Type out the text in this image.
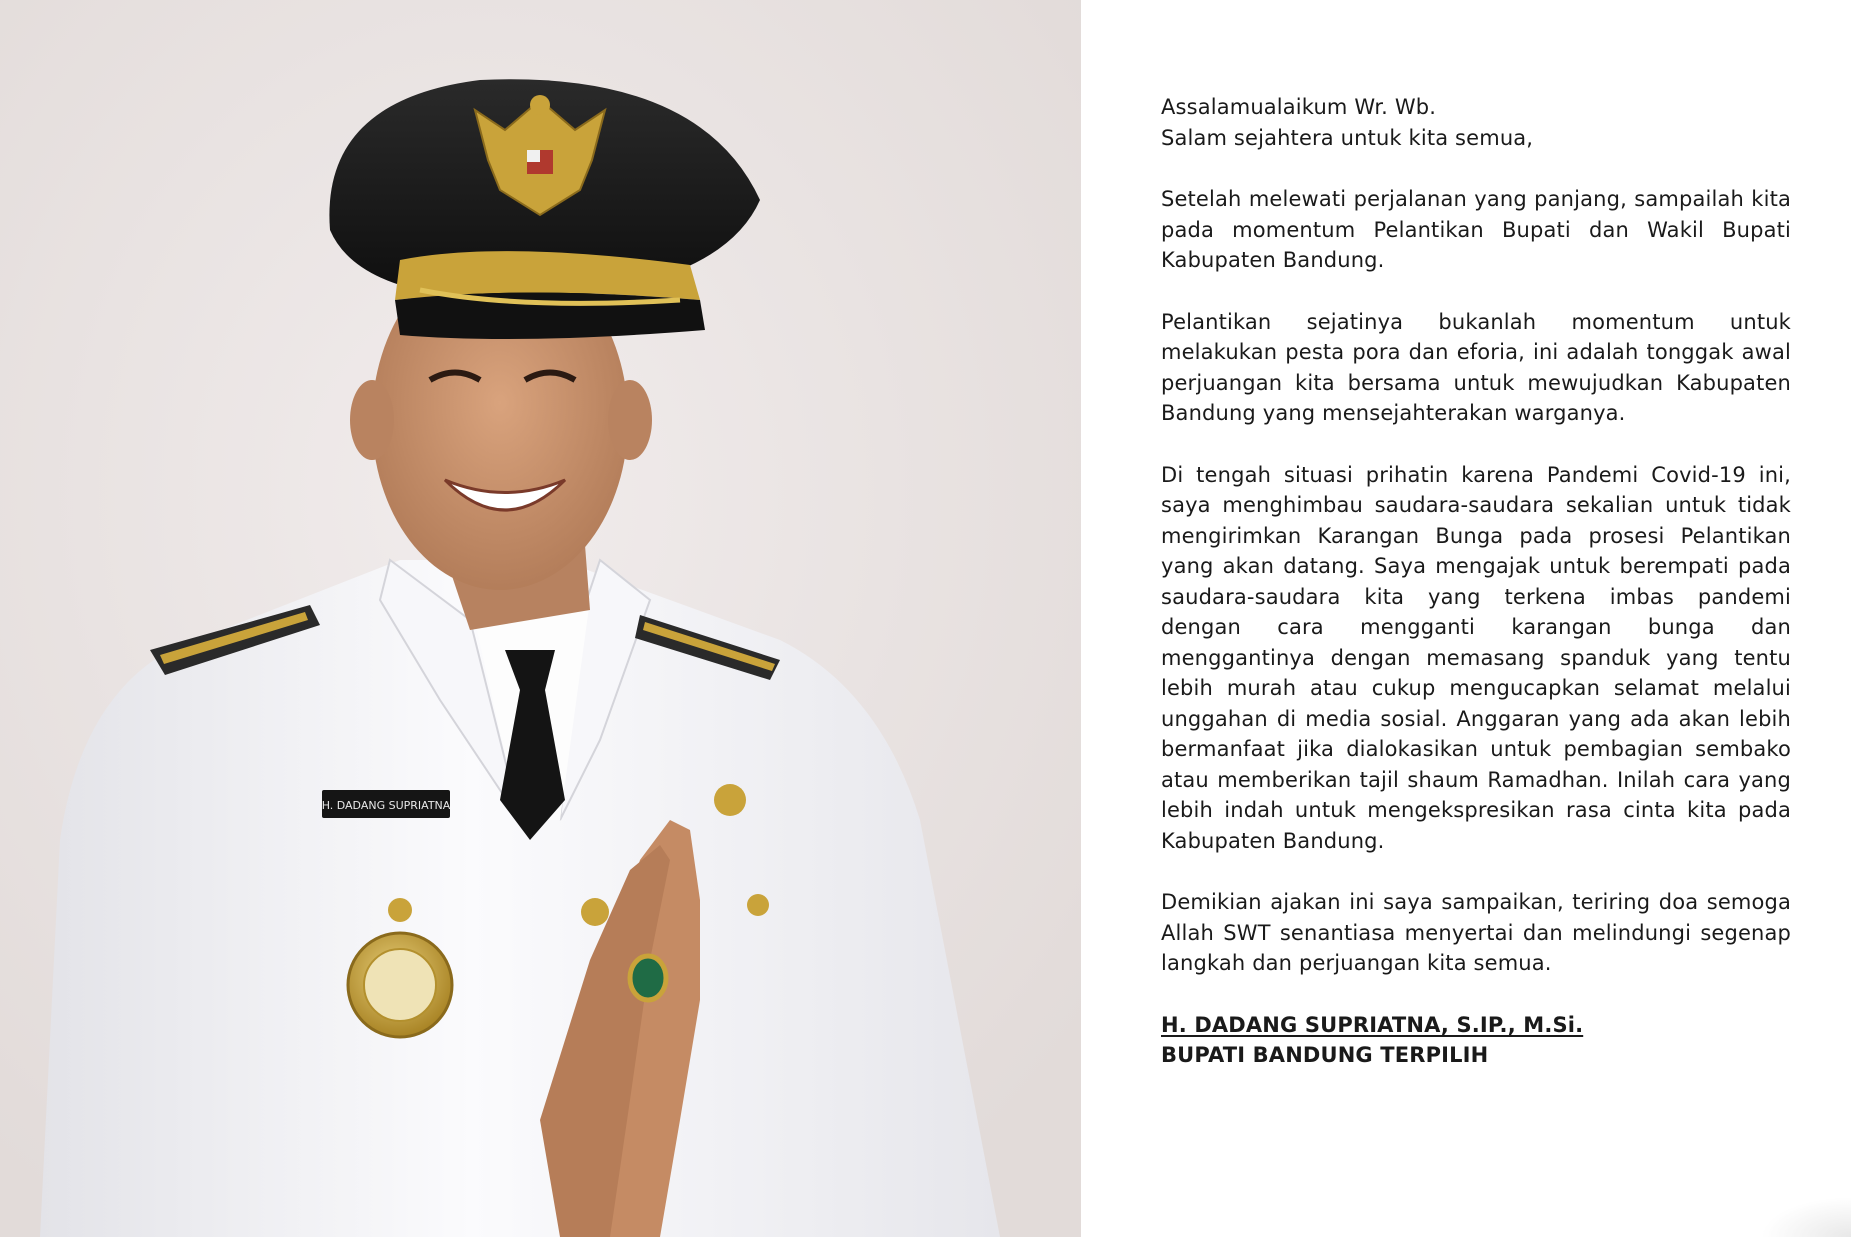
H. DADANG SUPRIATNA
Assalamualaikum Wr. Wb.
Salam sejahtera untuk kita semua,

Setelah melewati perjalanan yang panjang, sampailah kita pada momentum Pelantikan Bupati dan Wakil Bupati Kabupaten Bandung.

Pelantikan sejatinya bukanlah momentum untuk melakukan pesta pora dan eforia, ini adalah tonggak awal perjuangan kita bersama untuk mewujudkan Kabupaten Bandung yang mensejahterakan warganya.

Di tengah situasi prihatin karena Pandemi Covid-19 ini, saya menghimbau saudara-saudara sekalian untuk tidak mengirimkan Karangan Bunga pada prosesi Pelantikan yang akan datang. Saya mengajak untuk berempati pada saudara-saudara kita yang terkena imbas pandemi dengan cara mengganti karangan bunga dan menggantinya dengan memasang spanduk yang tentu lebih murah atau cukup mengucapkan selamat melalui unggahan di media sosial. Anggaran yang ada akan lebih bermanfaat jika dialokasikan untuk pembagian sembako atau memberikan tajil shaum Ramadhan. Inilah cara yang lebih indah untuk mengekspresikan rasa cinta kita pada Kabupaten Bandung.

Demikian ajakan ini saya sampaikan, teriring doa semoga Allah SWT senantiasa menyertai dan melindungi segenap langkah dan perjuangan kita semua.

H. DADANG SUPRIATNA, S.IP., M.Si.
BUPATI BANDUNG TERPILIH
